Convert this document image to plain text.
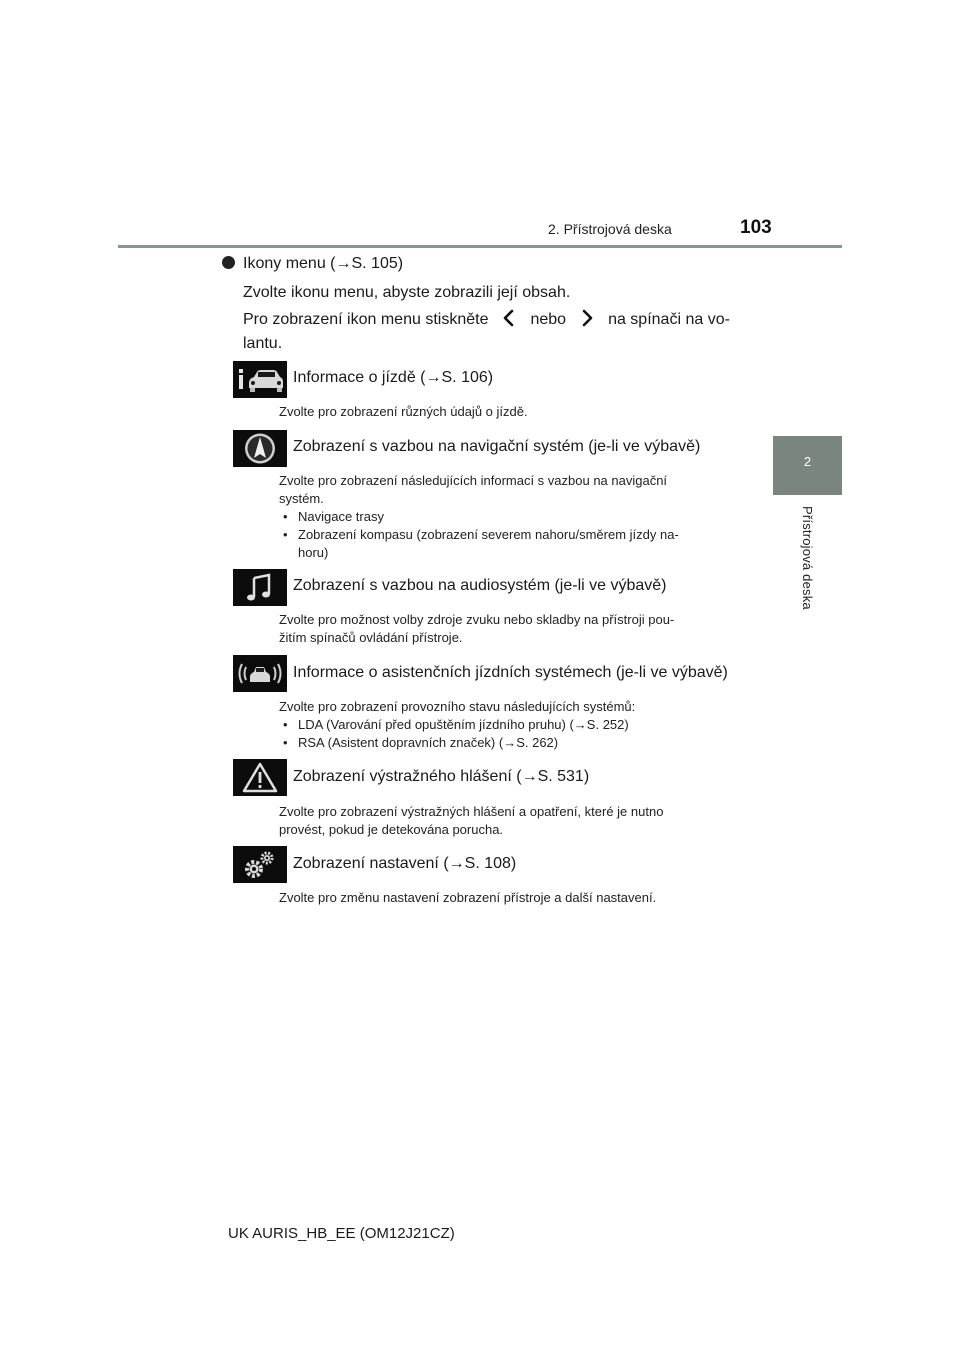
2. Přístrojová deska	103
2
Přístrojová deska
Ikony menu (→S. 105)
Zvolte ikonu menu, abyste zobrazili její obsah.
Pro zobrazení ikon menu stiskněte	nebo	na spínači na vo-
lantu.
Informace o jízdě (→S. 106)
Zvolte pro zobrazení různých údajů o jízdě.
Zobrazení s vazbou na navigační systém (je-li ve výbavě)
Zvolte pro zobrazení následujících informací s vazbou na navigační
systém.
• Navigace trasy
• Zobrazení kompasu (zobrazení severem nahoru/směrem jízdy na-
horu)
Zobrazení s vazbou na audiosystém (je-li ve výbavě)
Zvolte pro možnost volby zdroje zvuku nebo skladby na přístroji pou-
žitím spínačů ovládání přístroje.
Informace o asistenčních jízdních systémech (je-li ve výbavě)
Zvolte pro zobrazení provozního stavu následujících systémů:
• LDA (Varování před opuštěním jízdního pruhu) (→S. 252)
• RSA (Asistent dopravních značek) (→S. 262)
Zobrazení výstražného hlášení (→S. 531)
Zvolte pro zobrazení výstražných hlášení a opatření, které je nutno
provést, pokud je detekována porucha.
Zobrazení nastavení (→S. 108)
Zvolte pro změnu nastavení zobrazení přístroje a další nastavení.
UK AURIS_HB_EE (OM12J21CZ)
